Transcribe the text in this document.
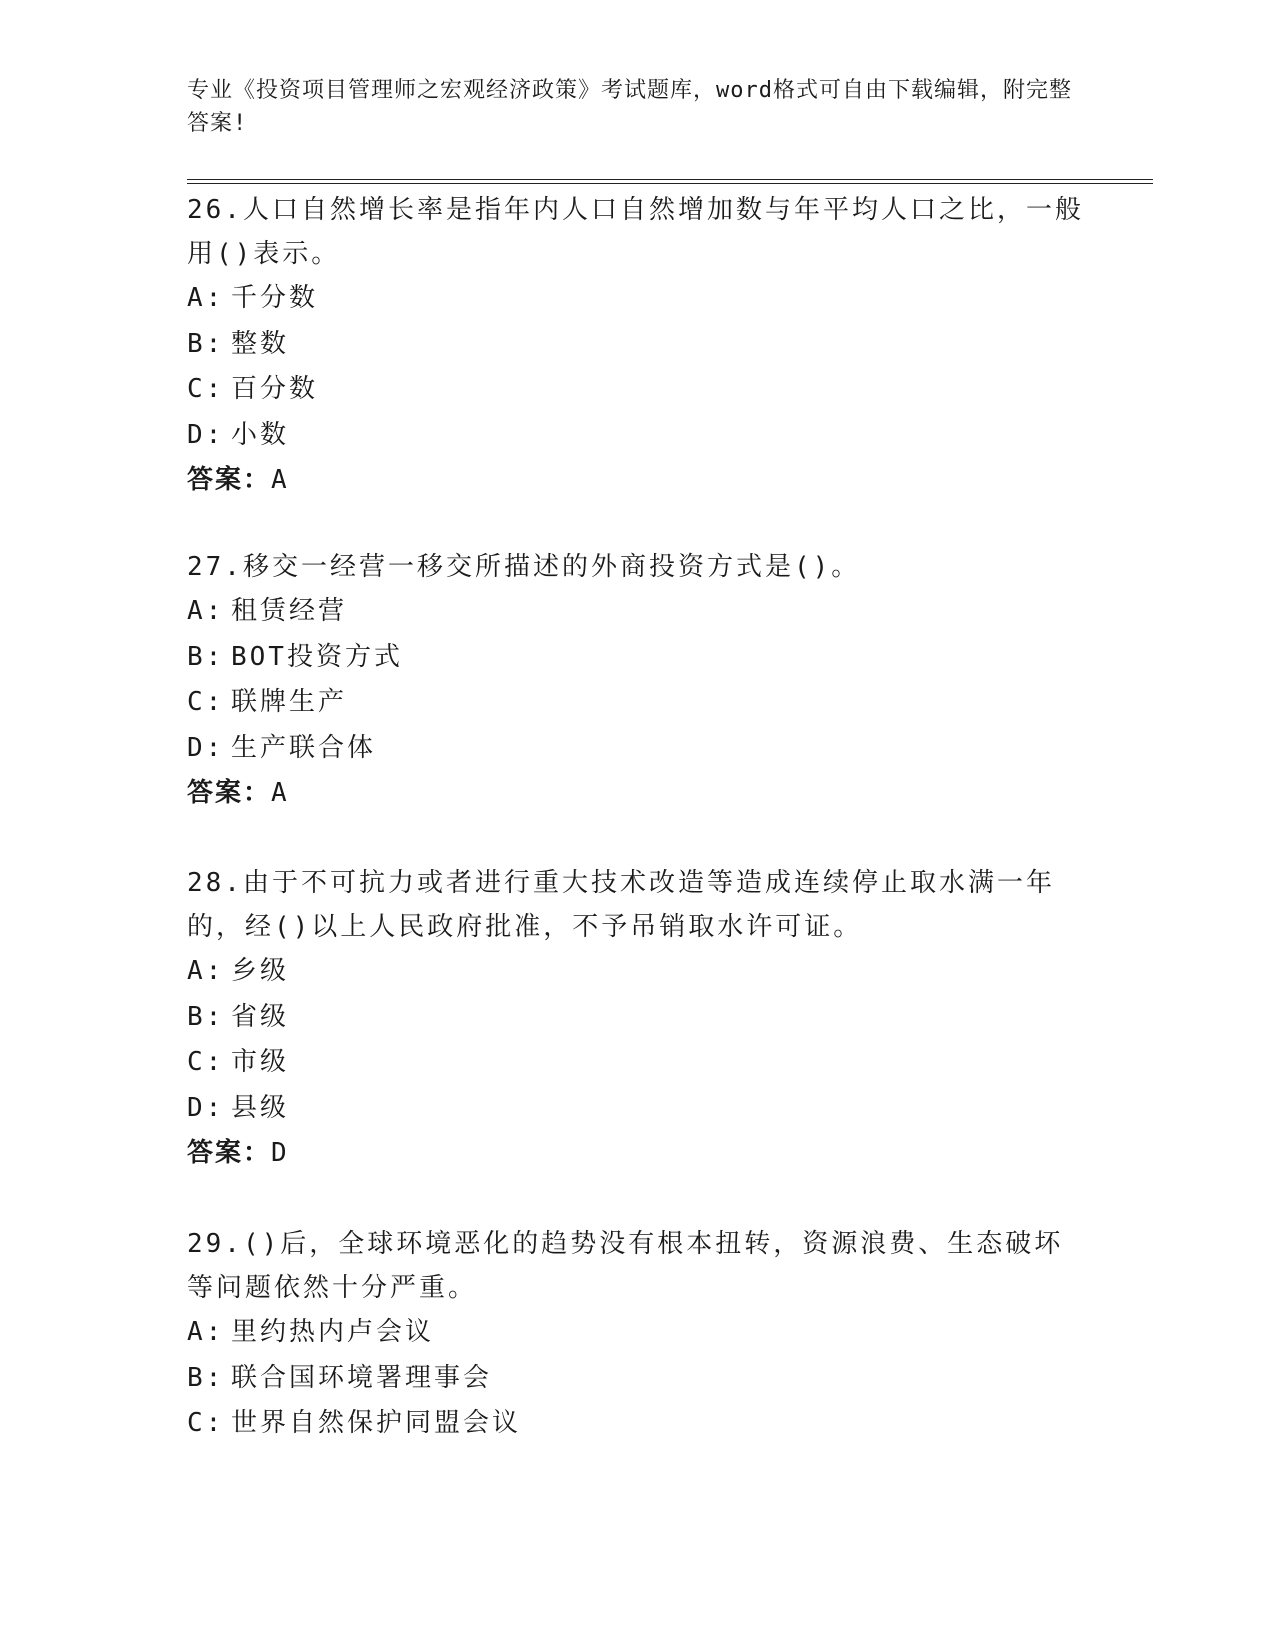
专业《投资项目管理师之宏观经济政策》考试题库，word格式可自由下载编辑，附完整答案!

26.人口自然增长率是指年内人口自然增加数与年平均人口之比，一般用()表示。

A: 千分数

B: 整数

C: 百分数

D: 小数

答案：A

27.移交一经营一移交所描述的外商投资方式是()。

A: 租赁经营

B: BOT投资方式

C: 联牌生产

D: 生产联合体

答案：A

28.由于不可抗力或者进行重大技术改造等造成连续停止取水满一年的，经()以上人民政府批准，不予吊销取水许可证。

A: 乡级

B: 省级

C: 市级

D: 县级

答案：D

29.()后，全球环境恶化的趋势没有根本扭转，资源浪费、生态破坏等问题依然十分严重。

A: 里约热内卢会议

B: 联合国环境署理事会

C: 世界自然保护同盟会议
